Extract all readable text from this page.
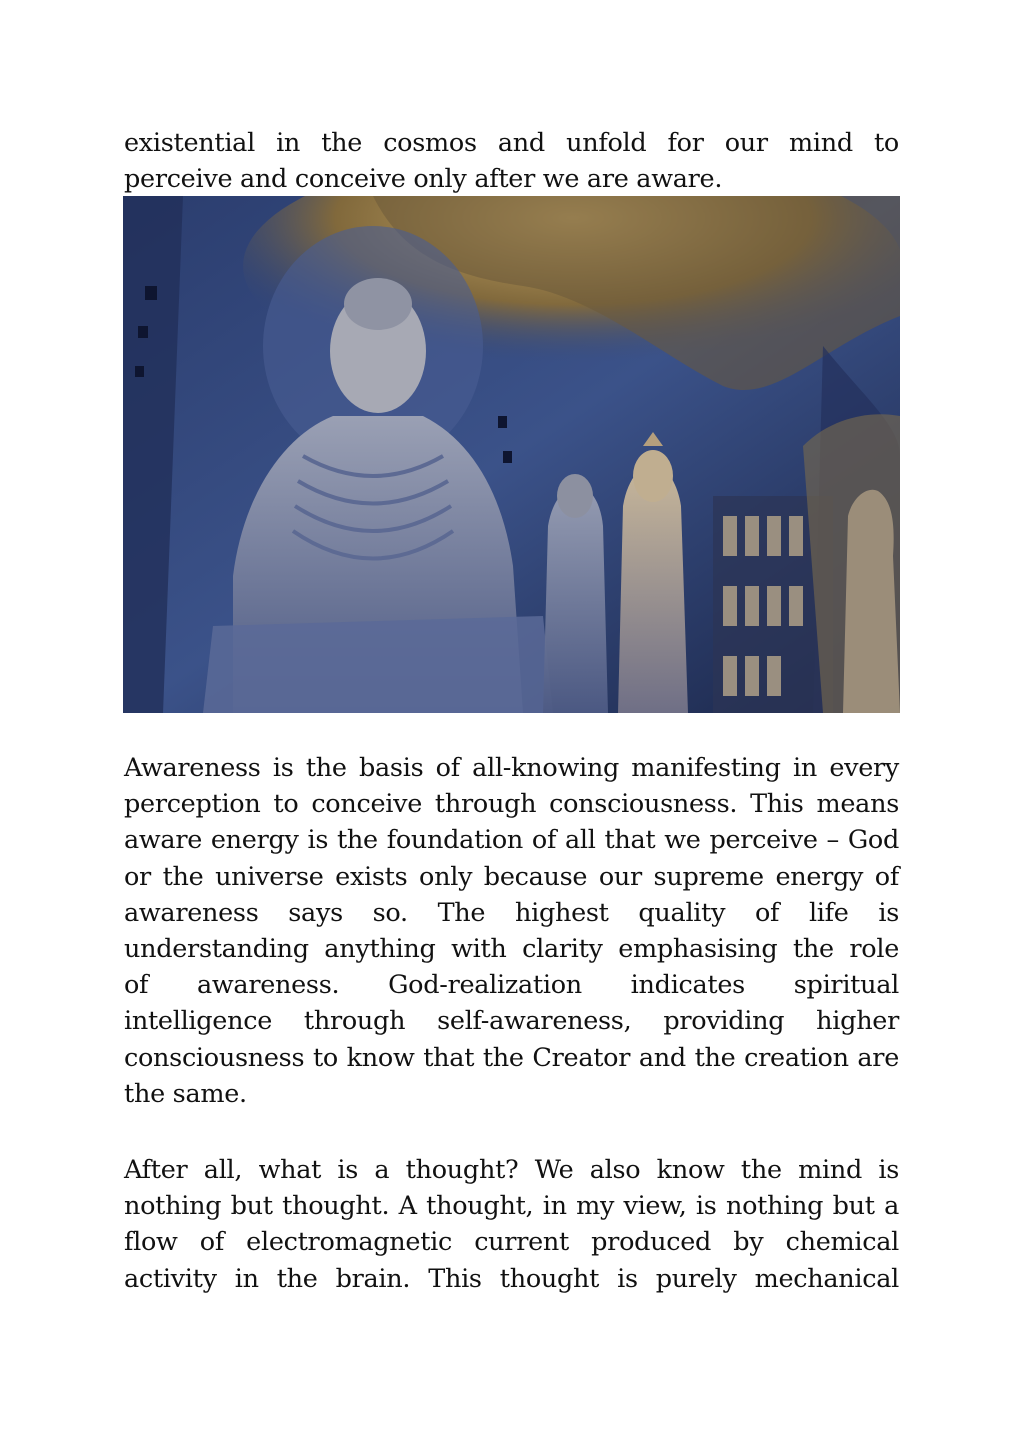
existential in the cosmos and unfold for our mind to
perceive and conceive only after we are aware.
Awareness is the basis of all-knowing manifesting in every
perception to conceive through consciousness. This means
aware energy is the foundation of all that we perceive – God
or the universe exists only because our supreme energy of
awareness says so. The highest quality of life is
understanding anything with clarity emphasising the role
of awareness. God-realization indicates spiritual
intelligence through self-awareness, providing higher
consciousness to know that the Creator and the creation are
the same.
After all, what is a thought? We also know the mind is
nothing but thought. A thought, in my view, is nothing but a
flow of electromagnetic current produced by chemical
activity in the brain. This thought is purely mechanical
